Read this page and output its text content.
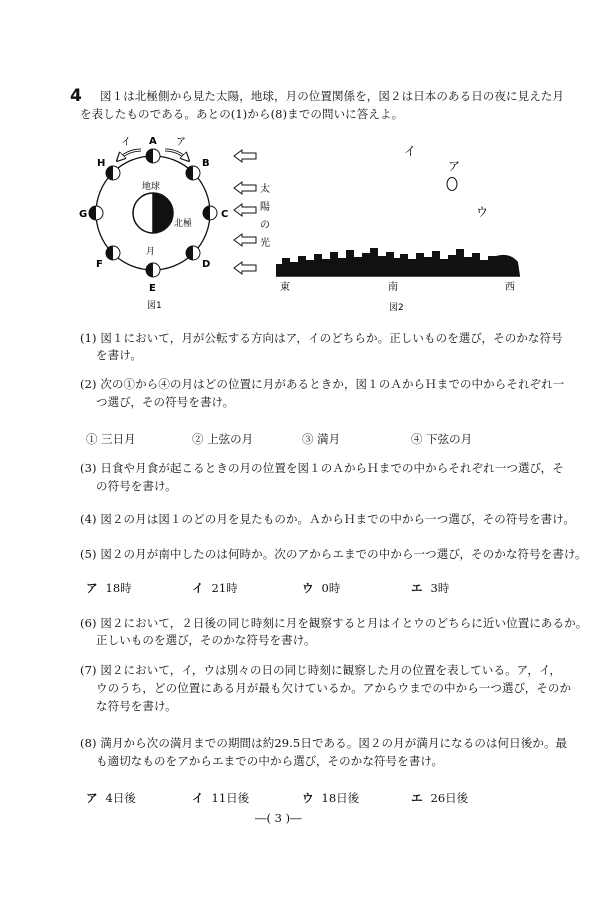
4 図１は北極側から見た太陽，地球，月の位置関係を，図２は日本のある日の夜に見えた月
を表したものである。あとの(1)から(8)までの問いに答えよ。
地球
北極
月
A
B
C
D
E
F
G
H
ア
イ
図1
太
陽
の
光
イ
ア
ウ
東	南	西
図2
(1) 図１において，月が公転する方向はア，イのどちらか。正しいものを選び，そのかな符号
を書け。
(2) 次の①から④の月はどの位置に月があるときか，図１のＡからＨまでの中からそれぞれ一
つ選び，その符号を書け。
① 三日月	② 上弦の月	③ 満月	④ 下弦の月
(3) 日食や月食が起こるときの月の位置を図１のＡからＨまでの中からそれぞれ一つ選び，そ
の符号を書け。
(4) 図２の月は図１のどの月を見たものか。ＡからＨまでの中から一つ選び，その符号を書け。
(5) 図２の月が南中したのは何時か。次のアからエまでの中から一つ選び，そのかな符号を書け。
ア 18時	イ 21時	ウ 0時	エ 3時
(6) 図２において，２日後の同じ時刻に月を観察すると月はイとウのどちらに近い位置にあるか。
正しいものを選び，そのかな符号を書け。
(7) 図２において，イ，ウは別々の日の同じ時刻に観察した月の位置を表している。ア，イ，
ウのうち，どの位置にある月が最も欠けているか。アからウまでの中から一つ選び，そのか
な符号を書け。
(8) 満月から次の満月までの期間は約29.5日である。図２の月が満月になるのは何日後か。最
も適切なものをアからエまでの中から選び，そのかな符号を書け。
ア 4日後	イ 11日後	ウ 18日後	エ 26日後
―( 3 )―
